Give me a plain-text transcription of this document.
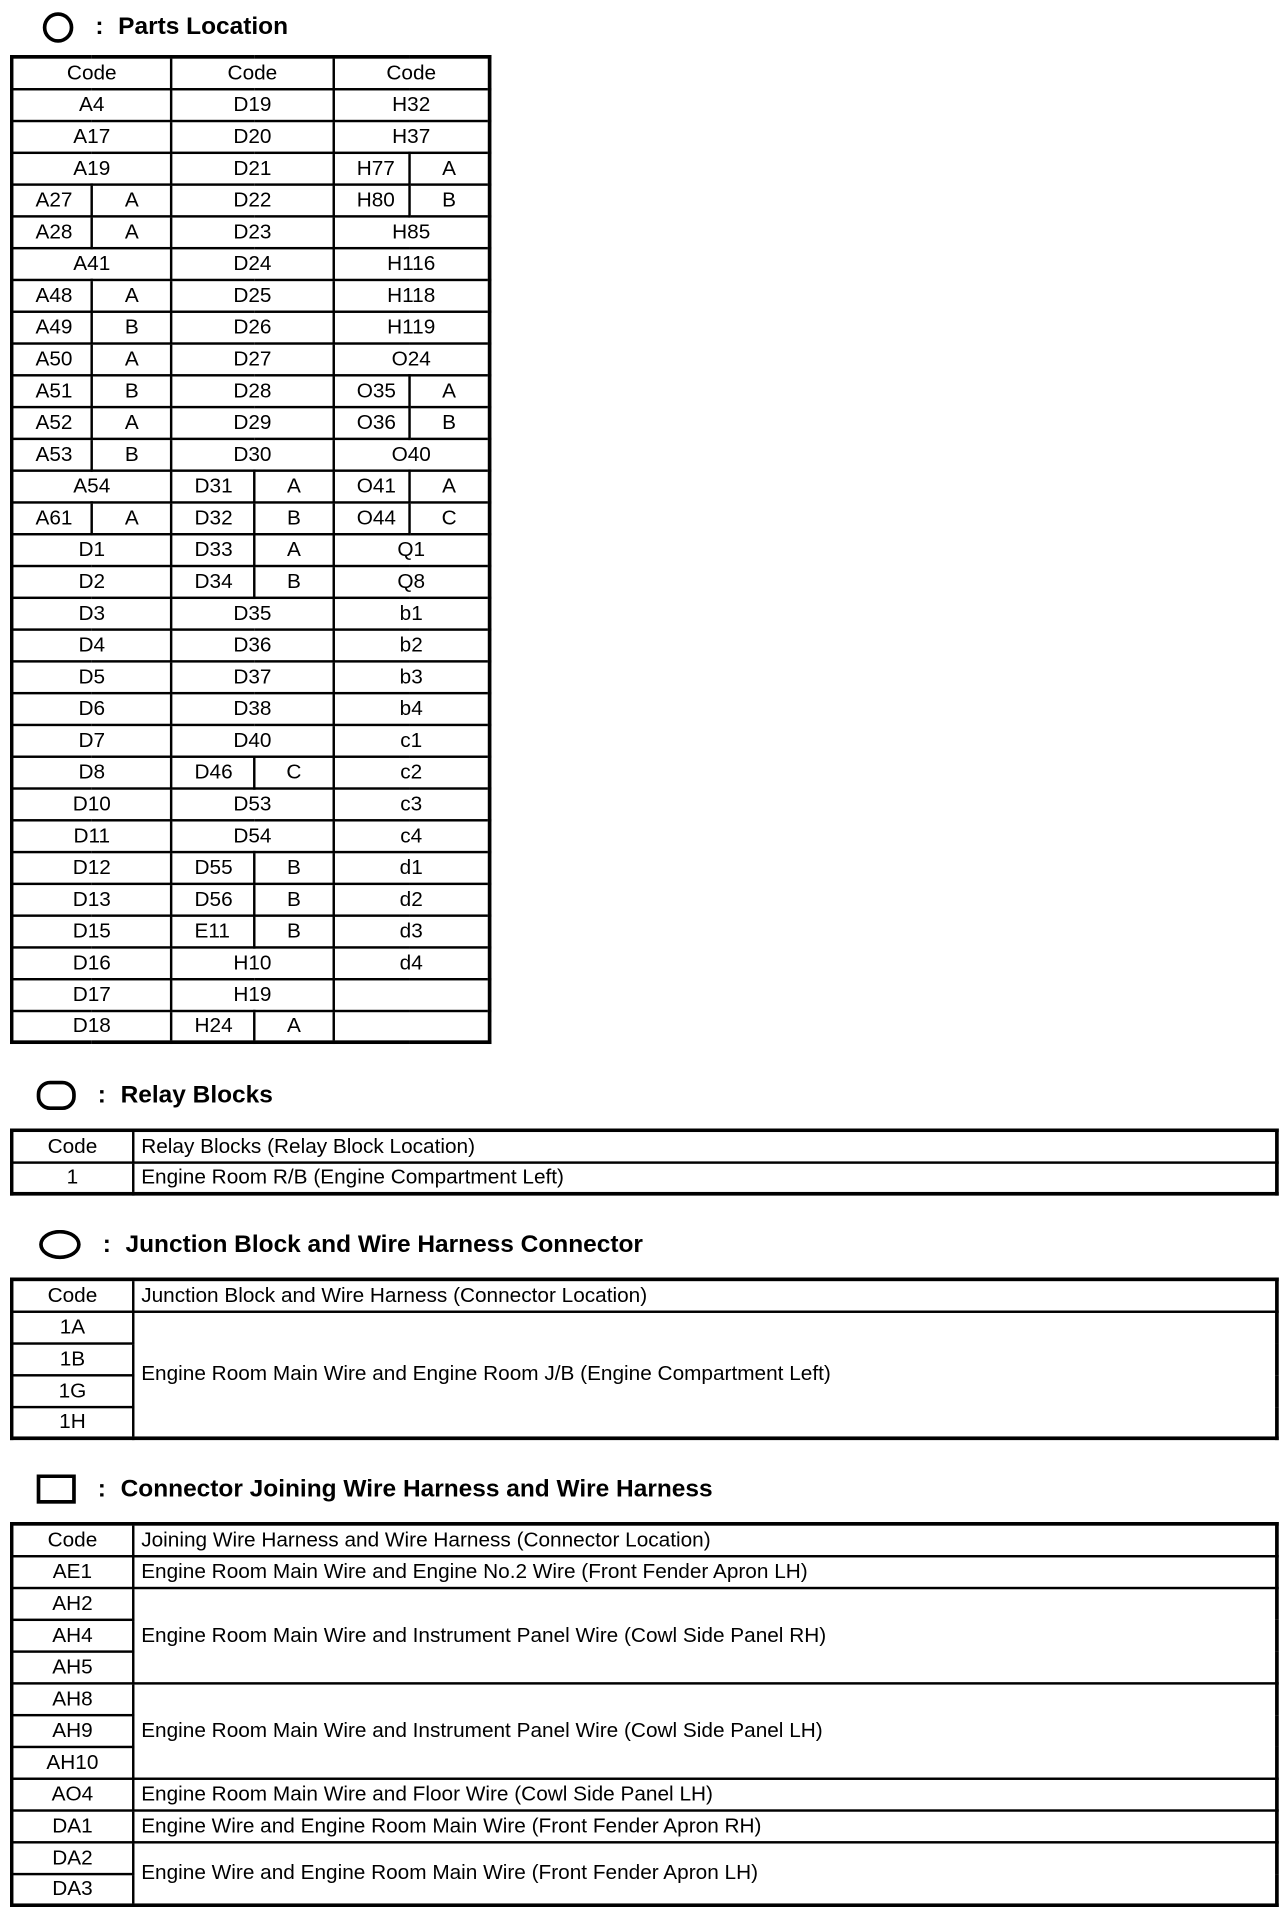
: Parts Location
Code		Code		Code	
A4		D19		H32	
A17		D20		H37	
A19		D21		H77	A
A27	A	D22		H80	B
A28	A	D23		H85	
A41		D24		H116	
A48	A	D25		H118	
A49	B	D26		H119	
A50	A	D27		O24	
A51	B	D28		O35	A
A52	A	D29		O36	B
A53	B	D30		O40	
A54		D31	A	O41	A
A61	A	D32	B	O44	C
D1		D33	A	Q1	
D2		D34	B	Q8	
D3		D35		b1	
D4		D36		b2	
D5		D37		b3	
D6		D38		b4	
D7		D40		c1	
D8		D46	C	c2	
D10		D53		c3	
D11		D54		c4	
D12		D55	B	d1	
D13		D56	B	d2	
D15		E11	B	d3	
D16		H10		d4	
D17		H19			
D18		H24	A		
: Relay Blocks
Code	Relay Blocks (Relay Block Location)
1	Engine Room R/B (Engine Compartment Left)
: Junction Block and Wire Harness Connector
Code	Junction Block and Wire Harness (Connector Location)
1A	Engine Room Main Wire and Engine Room J/B (Engine Compartment Left)
1B	
1G	
1H	
: Connector Joining Wire Harness and Wire Harness
Code	Joining Wire Harness and Wire Harness (Connector Location)
AE1	Engine Room Main Wire and Engine No.2 Wire (Front Fender Apron LH)
AH2	Engine Room Main Wire and Instrument Panel Wire (Cowl Side Panel RH)
AH4	
AH5	
AH8	Engine Room Main Wire and Instrument Panel Wire (Cowl Side Panel LH)
AH9	
AH10	
AO4	Engine Room Main Wire and Floor Wire (Cowl Side Panel LH)
DA1	Engine Wire and Engine Room Main Wire (Front Fender Apron RH)
DA2	Engine Wire and Engine Room Main Wire (Front Fender Apron LH)
DA3	
